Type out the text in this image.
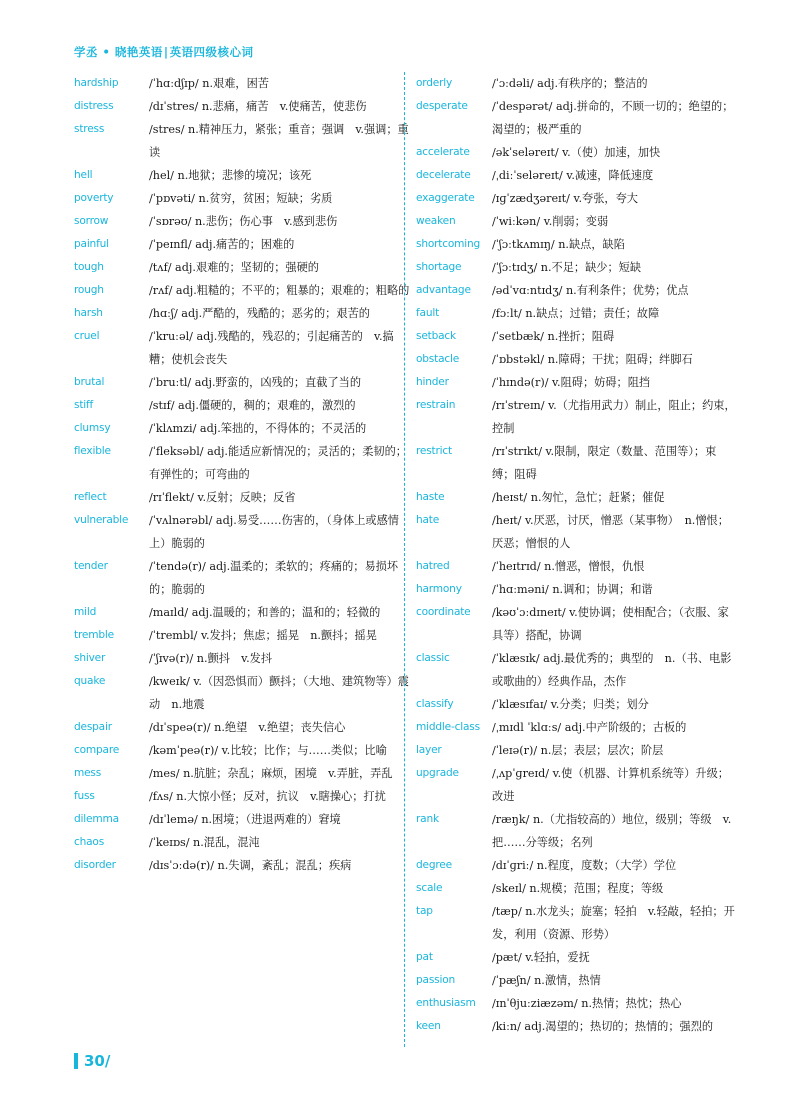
学丞 • 晓艳英语|英语四级核心词
hardship	/ˈhɑːdʃɪp/ n.艰难，困苦
distress	/dɪˈstres/ n.悲痛，痛苦　v.使痛苦，使悲伤
stress	/stres/ n.精神压力，紧张；重音；强调　v.强调；重读
hell	/hel/ n.地狱；悲惨的境况；该死
poverty	/ˈpɒvəti/ n.贫穷，贫困；短缺；劣质
sorrow	/ˈsɒrəʊ/ n.悲伤；伤心事　v.感到悲伤
painful	/ˈpeɪnfl/ adj.痛苦的；困难的
tough	/tʌf/ adj.艰难的；坚韧的；强硬的
rough	/rʌf/ adj.粗糙的；不平的；粗暴的；艰难的；粗略的
harsh	/hɑːʃ/ adj.严酷的，残酷的；恶劣的；艰苦的
cruel	/ˈkruːəl/ adj.残酷的，残忍的；引起痛苦的　v.搞糟；使机会丧失
brutal	/ˈbruːtl/ adj.野蛮的，凶残的；直截了当的
stiff	/stɪf/ adj.僵硬的，稠的；艰难的，激烈的
clumsy	/ˈklʌmzi/ adj.笨拙的，不得体的；不灵活的
flexible	/ˈfleksəbl/ adj.能适应新情况的；灵活的；柔韧的；有弹性的；可弯曲的
reflect	/rɪˈflekt/ v.反射；反映；反省
vulnerable /ˈvʌlnərəbl/ adj.易受……伤害的，（身体上或感情上）脆弱的
tender	/ˈtendə(r)/ adj.温柔的；柔软的；疼痛的；易损坏的；脆弱的
mild	/maɪld/ adj.温暖的；和善的；温和的；轻微的
tremble	/ˈtrembl/ v.发抖；焦虑；摇晃　n.颤抖；摇晃
shiver	/ˈʃɪvə(r)/ n.颤抖　v.发抖
quake	/kweɪk/ v.（因恐惧而）颤抖；（大地、建筑物等）震动　n.地震
despair	/dɪˈspeə(r)/ n.绝望　v.绝望；丧失信心
compare	/kəmˈpeə(r)/ v.比较；比作；与……类似；比喻
mess	/mes/ n.肮脏；杂乱；麻烦，困境　v.弄脏，弄乱
fuss	/fʌs/ n.大惊小怪；反对，抗议　v.瞎操心；打扰
dilemma	/dɪˈlemə/ n.困境；（进退两难的）窘境
chaos	/ˈkeɪɒs/ n.混乱，混沌
disorder	/dɪsˈɔːdə(r)/ n.失调，紊乱；混乱；疾病
orderly	/ˈɔːdəli/ adj.有秩序的；整洁的
desperate /ˈdespərət/ adj.拼命的，不顾一切的；绝望的；渴望的；极严重的
accelerate /əkˈseləreɪt/ v.（使）加速，加快
decelerate /ˌdiːˈseləreɪt/ v.减速，降低速度
exaggerate /ɪɡˈzædʒəreɪt/ v.夸张，夸大
weaken	/ˈwiːkən/ v.削弱；变弱
shortcoming /ˈʃɔːtkʌmɪŋ/ n.缺点，缺陷
shortage	/ˈʃɔːtɪdʒ/ n.不足；缺少；短缺
advantage /ədˈvɑːntɪdʒ/ n.有利条件；优势；优点
fault	/fɔːlt/ n.缺点；过错；责任；故障
setback	/ˈsetbæk/ n.挫折；阻碍
obstacle	/ˈɒbstəkl/ n.障碍；干扰；阻碍；绊脚石
hinder	/ˈhɪndə(r)/ v.阻碍；妨碍；阻挡
restrain	/rɪˈstreɪn/ v.（尤指用武力）制止，阻止；约束，控制
restrict	/rɪˈstrɪkt/ v.限制，限定（数量、范围等）；束缚；阻碍
haste	/heɪst/ n.匆忙，急忙；赶紧；催促
hate	/heɪt/ v.厌恶，讨厌，憎恶（某事物）　n.憎恨；厌恶；憎恨的人
hatred	/ˈheɪtrɪd/ n.憎恶，憎恨，仇恨
harmony	/ˈhɑːməni/ n.调和；协调；和谐
coordinate /kəʊˈɔːdɪneɪt/ v.使协调；使相配合；（衣服、家具等）搭配，协调
classic	/ˈklæsɪk/ adj.最优秀的；典型的　n.（书、电影或歌曲的）经典作品，杰作
classify	/ˈklæsɪfaɪ/ v.分类；归类；划分
middle-class /ˌmɪdl ˈklɑːs/ adj.中产阶级的；古板的
layer	/ˈleɪə(r)/ n.层；表层；层次；阶层
upgrade	/ˌʌpˈɡreɪd/ v.使（机器、计算机系统等）升级；改进
rank	/ræŋk/ n.（尤指较高的）地位，级别；等级　v.把……分等级；名列
degree	/dɪˈɡriː/ n.程度，度数；（大学）学位
scale	/skeɪl/ n.规模；范围；程度；等级
tap	/tæp/ n.水龙头；旋塞；轻拍　v.轻敲，轻拍；开发，利用（资源、形势）
pat	/pæt/ v.轻拍，爱抚
passion	/ˈpæʃn/ n.激情，热情
enthusiasm /ɪnˈθjuːziæzəm/ n.热情；热忱；热心
keen	/kiːn/ adj.渴望的；热切的；热情的；强烈的
30/
